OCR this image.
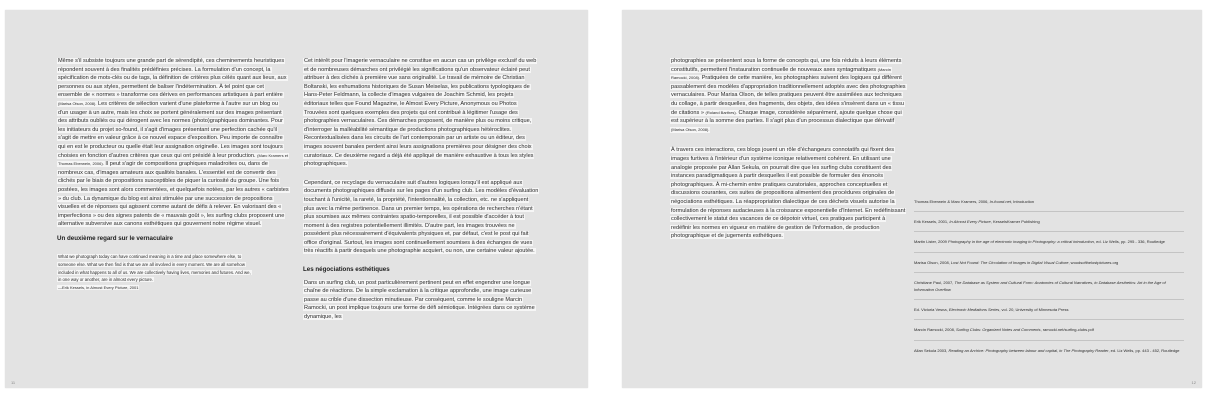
Même s'il subsiste toujours une grande part de sérendipité, ces cheminements heuristiques répondent souvent à des finalités prédéfinies précises. La formulation d'un concept, la spécification de mots-clés ou de tags, la définition de critères plus célés quant aux lieux, aux personnes ou aux styles, permettent de baliser l'indétermination. À tel point que cet ensemble de « normes » transforme ces dérives en performances artistiques à part entière (Marisa Olson, 2008). Les critères de sélection varient d'une plateforme à l'autre sur un blog ou d'un usager à un autre, mais les choix se portent généralement sur des images présentant des attributs oubliés ou qui dérogent avec les normes (photo)graphiques dominantes. Pour les initiateurs du projet so-found, il s'agit d'images présentant une perfection cachée qu'il s'agit de mettre en valeur grâce à ce nouvel espace d'exposition. Peu importe de connaître qui en est le producteur ou quelle était leur assignation originelle. Les images sont toujours choisies en fonction d'autres critères que ceux qui ont présidé à leur production. (Marc Kramers et Thomas Eberwein, 2006). Il peut s'agir de compositions graphiques maladroites ou, dans de nombreux cas, d'images amateurs aux qualités banales. L'essentiel est de convertir des clichés par le biais de propositions susceptibles de piquer la curiosité du groupe. Une fois postées, les images sont alors commentées, et quelquefois notées, par les autres « carbistes » du club. La dynamique du blog est ainsi stimulée par une succession de propositions visuelles et de réponses qui agissent comme autant de défis à relever. En valorisant des « imperfections » ou des signes patents de « mauvais goût », les surfing clubs proposent une alternative subversive aux canons esthétiques qui gouvernent notre régime visuel.

Un deuxième regard sur le vernaculaire
What we photograph today can have continued meaning in a time and place somewhere else, to
someone else. What we then find is that we are all involved in every moment. We are all somehow
included in what happens to all of us. We are collectively having lives, memories and futures. And we,
in one way or another, are in almost every picture.
—Erik Kessels, in Almost Every Picture, 2001

Cet intérêt pour l'imagerie vernaculaire ne constitue en aucun cas un privilège exclusif du web et de nombreuses démarches ont privilégié les significations qu'un observateur éclairé peut attribuer à des clichés à première vue sans originalité. Le travail de mémoire de Christian Boltanski, les exhumations historiques de Susan Meiselas, les publications typologiques de Hans-Peter Feldmann, la collecte d'images vulgaires de Joachim Schmid, les projets éditoriaux telles que Found Magazine, le Almost Every Picture, Anonymous ou Photos Trouvées sont quelques exemples des projets qui ont contribué à légitimer l'usage des photographies vernaculaires. Ces démarches proposent, de manière plus ou moins critique, d'interroger la malléabilité sémantique de productions photographiques hétéroclites. Recontextualisées dans les circuits de l'art contemporain par un artiste ou un éditeur, des images souvent banales perdent ainsi leurs assignations premières pour désigner des choix curatoriaux. Ce deuxième regard a déjà été appliqué de manière exhaustive à tous les styles photographiques.

Cependant, ce recyclage du vernaculaire suit d'autres logiques lorsqu'il est appliqué aux documents photographiques diffusés sur les pages d'un surfing club. Les modèles d'évaluation touchant à l'unicité, la rareté, la propriété, l'intentionnalité, la collection, etc. ne s'appliquent plus avec la même pertinence. Dans un premier temps, les opérations de recherches n'étant plus soumises aux mêmes contraintes spatio-temporelles, il est possible d'accéder à tout moment à des registres potentiellement illimités. D'autre part, les images trouvées ne possèdent plus nécessairement d'équivalents physiques et, par défaut, c'est le post qui fait office d'original. Surtout, les images sont continuellement soumises à des échanges de vues très réactifs à partir desquels une photographie acquiert, ou non, une certaine valeur ajoutée.

Les négociations esthétiques

Dans un surfing club, un post particulièrement pertinent peut en effet engendrer une longue chaîne de réactions. De la simple exclamation à la critique approfondie, une image curieuse passe au crible d'une dissection minutieuse. Par conséquent, comme le souligne Marcin Ramocki, un post implique toujours une forme de défi sémiotique. Intégrées dans ce système dynamique, les

11

photographies se présentent sous la forme de concepts qui, une fois réduits à leurs éléments constitutifs, permettent l'instauration continuelle de nouveaux axes syntagmatiques (Marcin Ramocki, 2008). Pratiquées de cette manière, les photographies suivent des logiques qui diffèrent passablement des modèles d'appropriation traditionnellement adoptés avec des photographies vernaculaires. Pour Marisa Olson, de telles pratiques peuvent être assimilées aux techniques du collage, à partir desquelles, des fragments, des objets, des idées s'insèrent dans un « tissu de citations » (Roland Barthes). Chaque image, considérée séparément, ajoute quelque chose qui est supérieur à la somme des parties. Il s'agit plus d'un processus dialectique que dérivatif (Marisa Olson, 2008).

À travers ces interactions, ces blogs jouent un rôle d'échangeurs connotatifs qui fixent des images furtives à l'intérieur d'un système iconique relativement cohérent. En utilisant une analogie proposée par Allan Sekula, on pourrait dire que les surfing clubs constituent des instances paradigmatiques à partir desquelles il est possible de formuler des énoncés photographiques. À mi-chemin entre pratiques curatoriales, approches conceptuelles et discussions courantes, ces suites de propositions alimentent des procédures originales de négociations esthétiques. La réappropriation dialectique de ces déchets visuels autorise la formulation de réponses audacieuses à la croissance exponentielle d'Internet. En redéfinissant collectivement le statut des vacances de ce dépotoir virtuel, ces pratiques participent à redéfinir les normes en vigueur en matière de gestion de l'information, de production photographique et de jugements esthétiques.

Thomas Eberwein & Marc Kramers, 2006, In-found.net, Introduction
Erik Kessels, 2001, In Almost Every Picture, KesselsKramer Publishing
Martin Lister, 2009 Photography in the age of electronic imaging in Photography: a critical introduction, ed. Liz Wells, pp. 295 - 336, Routledge
Marisa Olson, 2008, Lost Not Found: The Circulation of Images in Digital Visual Culture, woodsofthelostpictures.org
Christiane Paul, 2007, The Database as System and Cultural Form: Anatomies of Cultural Narratives, in Database Aesthetics: Art in the Age of Information Overflow
Ed. Victoria Vesna, Electronic Mediations Series, vol. 20, University of Minnesota Press
Marcin Ramocki, 2008, Surfing Clubs: Organized Notes and Comments, ramocki.net/surfing-clubs.pdf
Allan Sekula 2003, Reading an Archive: Photography between labour and capital, in The Photography Reader, ed. Liz Wells, pp. 443 - 452, Routledge
12
